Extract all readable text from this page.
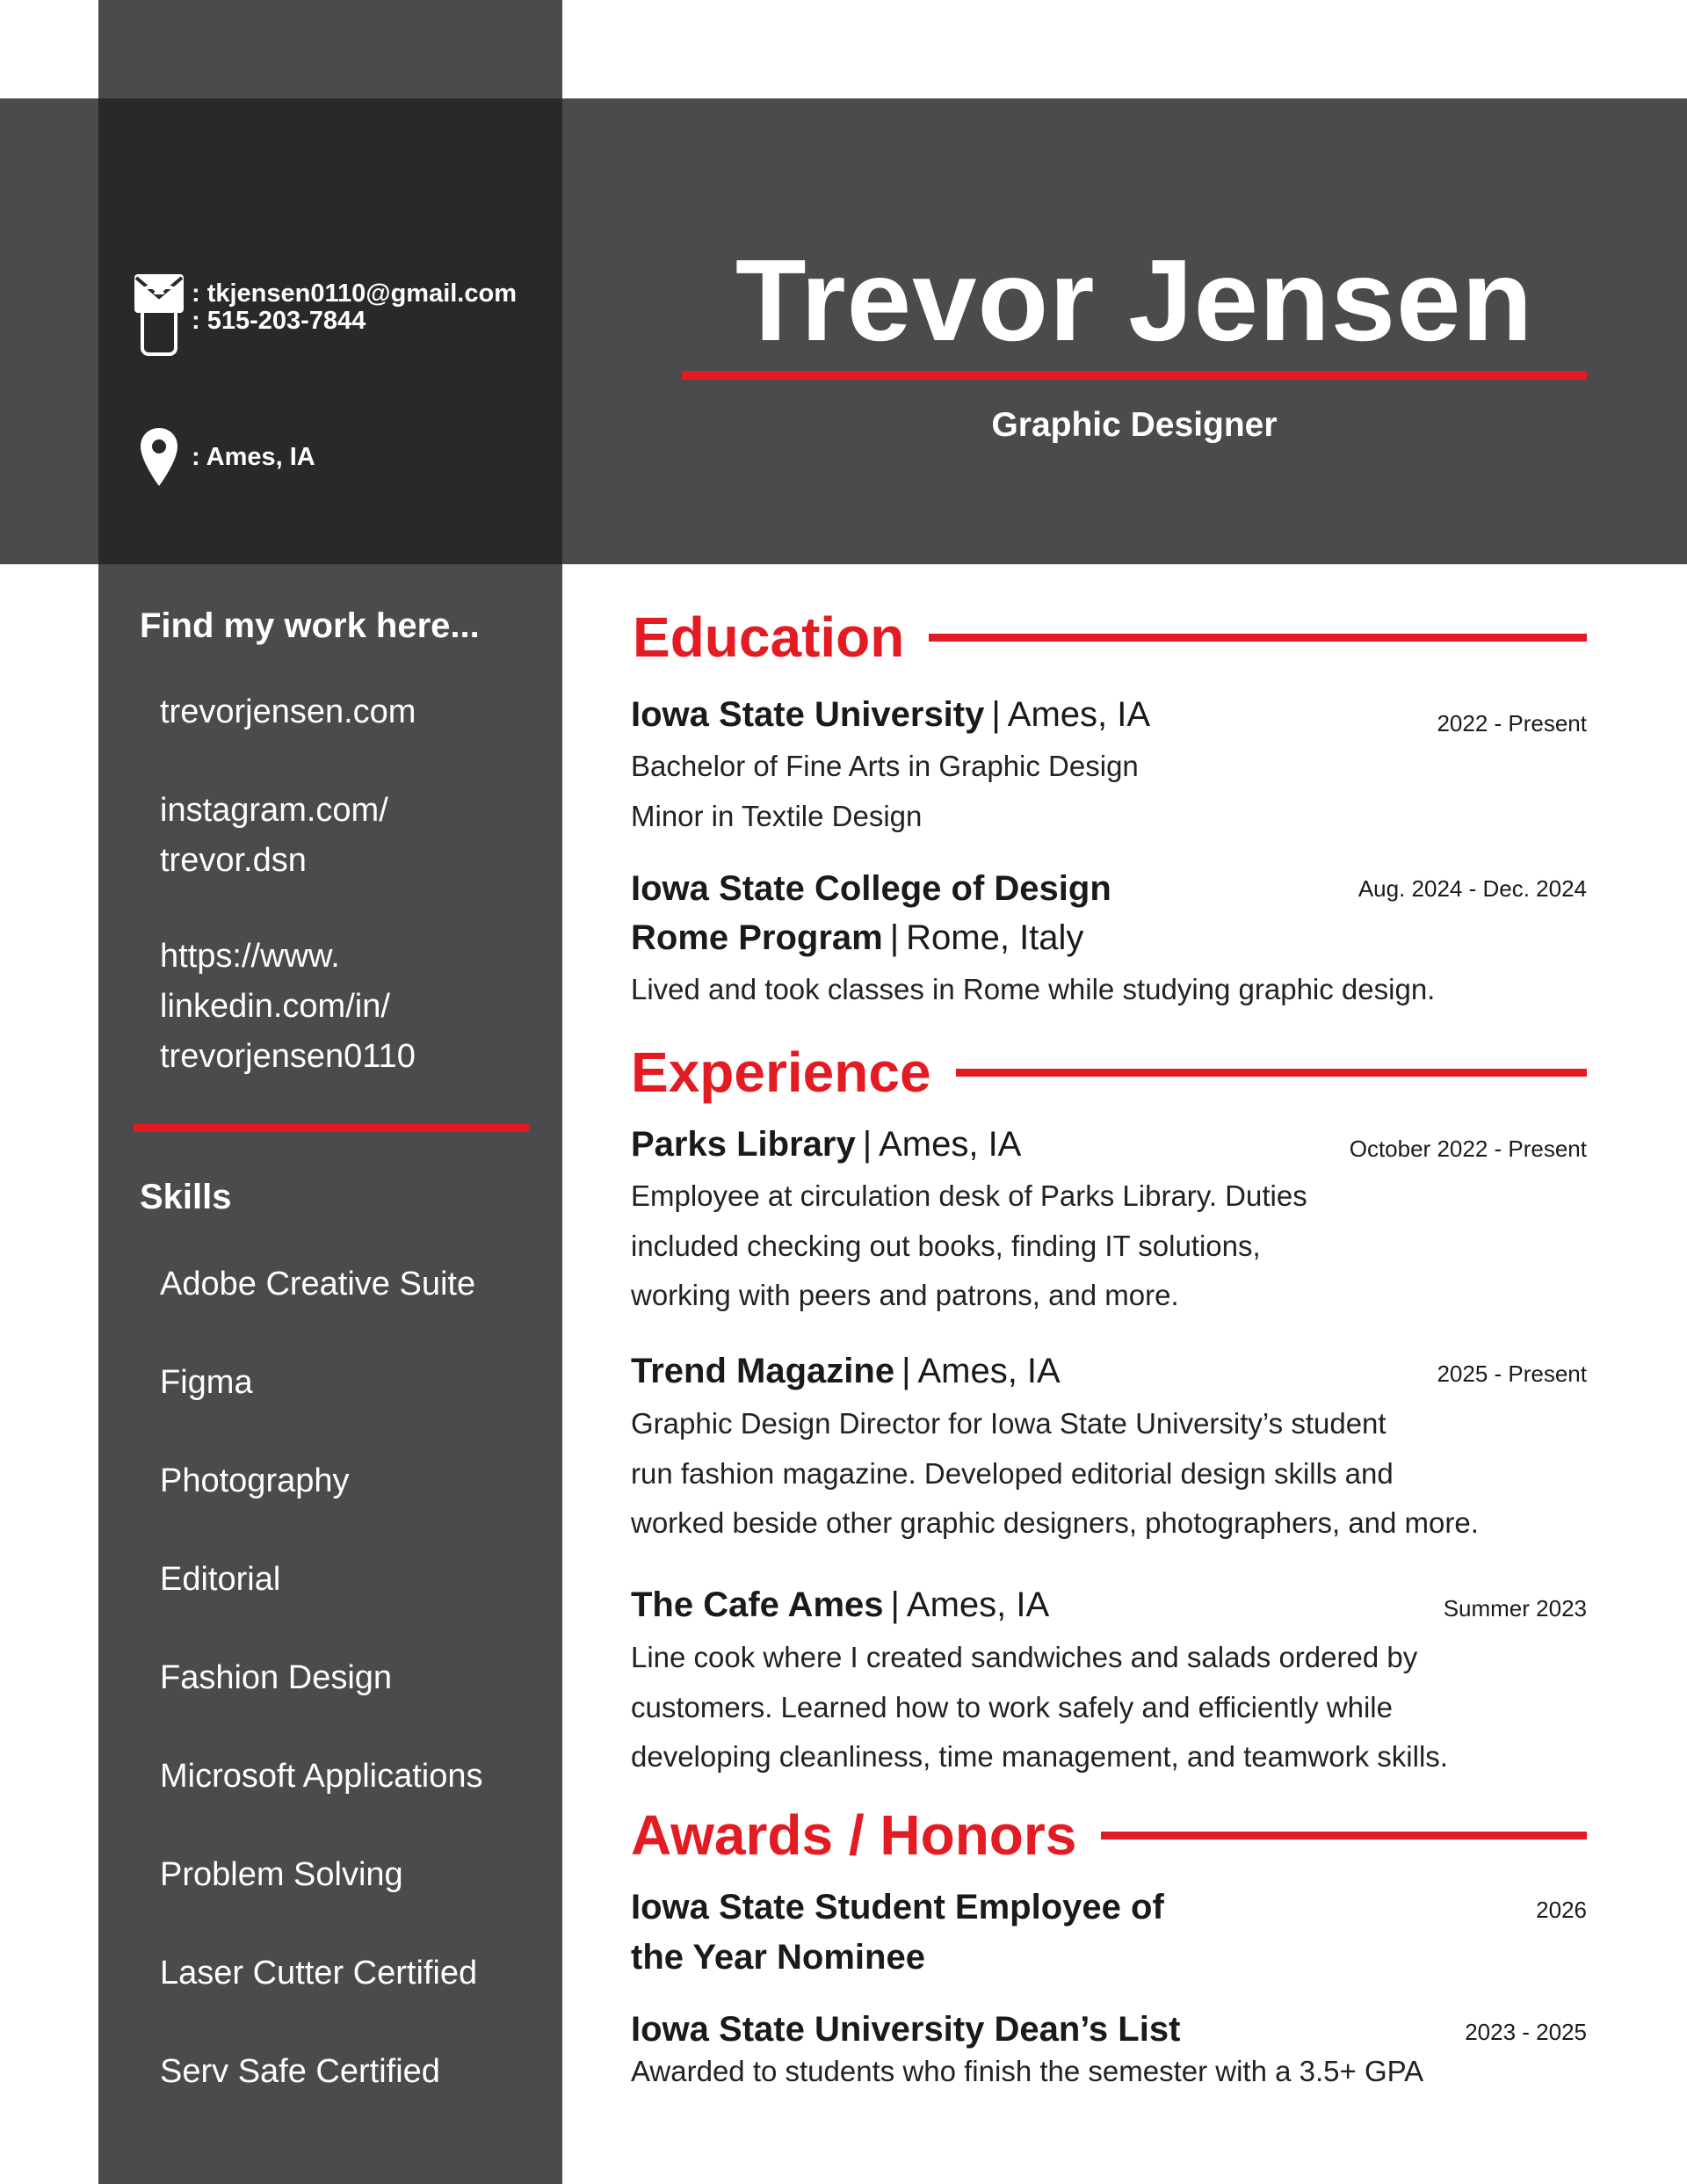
: tkjensen0110@gmail.com
: 515-203-7844
: Ames, IA
Trevor Jensen
Graphic Designer
Find my work here...
trevorjensen.com
instagram.com/
trevor.dsn
https://www.
linkedin.com/in/
trevorjensen0110
Skills
Adobe Creative Suite
Figma
Photography
Editorial
Fashion Design
Microsoft Applications
Problem Solving
Laser Cutter Certified
Serv Safe Certified
Education
Iowa State University | Ames, IA	2022 - Present
Bachelor of Fine Arts in Graphic Design
Minor in Textile Design
Iowa State College of Design	Aug. 2024 - Dec. 2024
Rome Program | Rome, Italy
Lived and took classes in Rome while studying graphic design.
Experience
Parks Library | Ames, IA	October 2022 - Present
Employee at circulation desk of Parks Library. Duties
included checking out books, finding IT solutions,
working with peers and patrons, and more.
Trend Magazine | Ames, IA	2025 - Present
Graphic Design Director for Iowa State University’s student
run fashion magazine. Developed editorial design skills and
worked beside other graphic designers, photographers, and more.
The Cafe Ames | Ames, IA	Summer 2023
Line cook where I created sandwiches and salads ordered by
customers. Learned how to work safely and efficiently while
developing cleanliness, time management, and teamwork skills.
Awards / Honors
Iowa State Student Employee of
the Year Nominee
2026
Iowa State University Dean’s List	2023 - 2025
Awarded to students who finish the semester with a 3.5+ GPA
